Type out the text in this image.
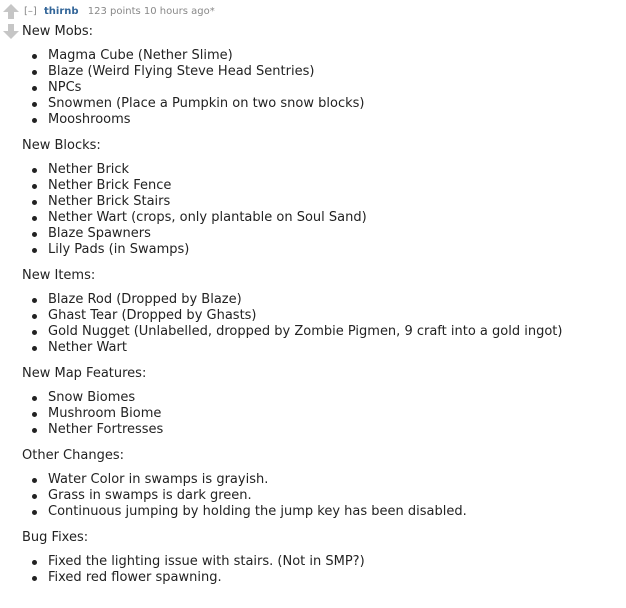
[–] thirnb 123 points 10 hours ago*

New Mobs:

Magma Cube (Nether Slime)
Blaze (Weird Flying Steve Head Sentries)
NPCs
Snowmen (Place a Pumpkin on two snow blocks)
Mooshrooms

New Blocks:

Nether Brick
Nether Brick Fence
Nether Brick Stairs
Nether Wart (crops, only plantable on Soul Sand)
Blaze Spawners
Lily Pads (in Swamps)

New Items:

Blaze Rod (Dropped by Blaze)
Ghast Tear (Dropped by Ghasts)
Gold Nugget (Unlabelled, dropped by Zombie Pigmen, 9 craft into a gold ingot)
Nether Wart

New Map Features:

Snow Biomes
Mushroom Biome
Nether Fortresses

Other Changes:

Water Color in swamps is grayish.
Grass in swamps is dark green.
Continuous jumping by holding the jump key has been disabled.

Bug Fixes:

Fixed the lighting issue with stairs. (Not in SMP?)
Fixed red flower spawning.
